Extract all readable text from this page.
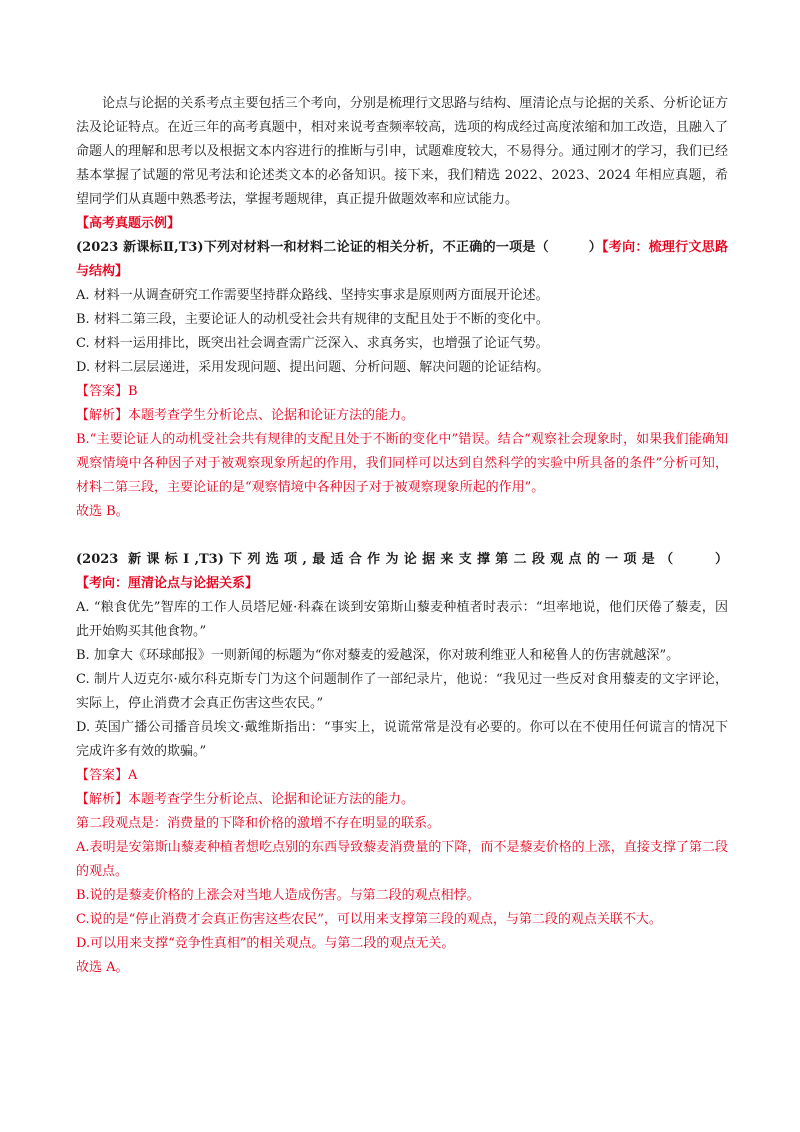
论点与论据的关系考点主要包括三个考向，分别是梳理行文思路与结构、厘清论点与论据的关系、分析论证方法及论证特点。在近三年的高考真题中，相对来说考查频率较高，选项的构成经过高度浓缩和加工改造，且融入了命题人的理解和思考以及根据文本内容进行的推断与引申，试题难度较大，不易得分。通过刚才的学习，我们已经基本掌握了试题的常见考法和论述类文本的必备知识。接下来，我们精选 2022、2023、2024 年相应真题，希望同学们从真题中熟悉考法，掌握考题规律，真正提升做题效率和应试能力。

【高考真题示例】

(2023 新课标Ⅱ,T3)下列对材料一和材料二论证的相关分析，不正确的一项是（　　　）【考向：梳理行文思路与结构】

A. 材料一从调查研究工作需要坚持群众路线、坚持实事求是原则两方面展开论述。

B. 材料二第三段，主要论证人的动机受社会共有规律的支配且处于不断的变化中。

C. 材料一运用排比，既突出社会调查需广泛深入、求真务实，也增强了论证气势。

D. 材料二层层递进，采用发现问题、提出问题、分析问题、解决问题的论证结构。

【答案】B

【解析】本题考查学生分析论点、论据和论证方法的能力。

B.“主要论证人的动机受社会共有规律的支配且处于不断的变化中”错误。结合“观察社会现象时，如果我们能确知观察情境中各种因子对于被观察现象所起的作用，我们同样可以达到自然科学的实验中所具备的条件”分析可知，材料二第三段，主要论证的是“观察情境中各种因子对于被观察现象所起的作用”。

故选 B。

(2023 新课标Ⅰ,T3)下列选项,最适合作为论据来支撑第二段观点的一项是（　　）【考向：厘清论点与论据关系】

A. “粮食优先”智库的工作人员塔尼娅·科森在谈到安第斯山藜麦种植者时表示：“坦率地说，他们厌倦了藜麦，因此开始购买其他食物。”

B. 加拿大《环球邮报》一则新闻的标题为“你对藜麦的爱越深，你对玻利维亚人和秘鲁人的伤害就越深”。

C. 制片人迈克尔·威尔科克斯专门为这个问题制作了一部纪录片，他说：“我见过一些反对食用藜麦的文字评论，实际上，停止消费才会真正伤害这些农民。”

D. 英国广播公司播音员埃文·戴维斯指出：“事实上，说谎常常是没有必要的。你可以在不使用任何谎言的情况下完成许多有效的欺骗。”

【答案】A

【解析】本题考查学生分析论点、论据和论证方法的能力。

第二段观点是：消费量的下降和价格的激增不存在明显的联系。

A.表明是安第斯山藜麦种植者想吃点别的东西导致藜麦消费量的下降，而不是藜麦价格的上涨，直接支撑了第二段的观点。

B.说的是藜麦价格的上涨会对当地人造成伤害。与第二段的观点相悖。

C.说的是“停止消费才会真正伤害这些农民”，可以用来支撑第三段的观点，与第二段的观点关联不大。

D.可以用来支撑“竞争性真相”的相关观点。与第二段的观点无关。

故选 A。
